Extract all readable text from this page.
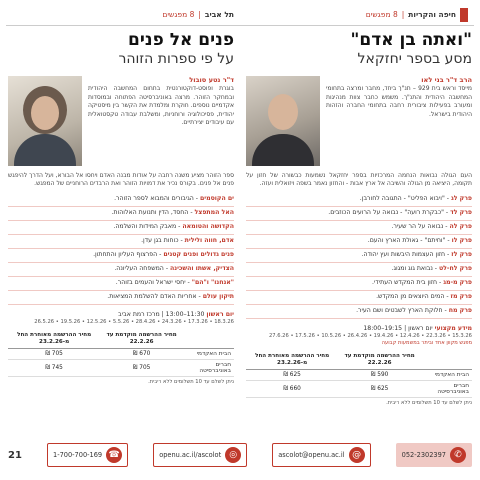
חיפה והקריות
|
8 מפגשים
תל אביב
|
8 מפגשים
"ואתה בן אדם"
מסע בספר יחזקאל
הרב ד"ר בני לאו
מייסד וראש בית 929 – תנ"ך ביחד, מחבר ומרצה בתחומי המחשבה היהודית והתנ"ך. משמש כחבר צוות מנהיגות ומעורב בפעילות ציבורית רחבה בתחומי החברה והזהות היהודית בישראל.
העם הגולה נבואות הנחמה המרכזיות בספר יחזקאל נשמעות כבשורה של חזון על תקומה, היציאה מן הגולה והשיבה אל ארץ אבות - והחזון נאמר בשפה ויזואלית ועזה.
פרק לג - "ויבוא הפליט" - התגובה לחורבן.
פרק לד - "כבקרת רועה" - נבואה על הרועים הכוזבים.
פרק לה - נבואה על הר שעיר.
פרק לו - "וחיתם" - גאולת הארץ והעם.
פרק לז - חזון העצמות היבשות ועץ יהודה.
פרק לח-לט - נבואת גוג ומגוג.
פרק מ-מג - חזון בית המקדש העתידי.
פרק מז - המים היוצאים מן המקדש.
פרק מח - חלוקת הארץ לשבטים ושם העיר.
מידע מקצועי יום ראשון | 19:15–18:00
15.3.26 • 22.3.26 • 12.4.26 • 19.4.26 • 26.4.26 • 10.5.26 • 17.5.26 • 27.6.26
מפגש מקוון אחד וביתר במשמעות קבועה
	מחיר ההרשמה מוקדמת עד 22.2.26	מחיר ההרשמה מאוחרת החל מ-23.2.26
הבית האקדמי	590 ₪	625 ₪
חברים באוניברסיטה	625 ₪	660 ₪
ניתן לשלם עד 10 תשלומים ללא ריבית.
פנים אל פנים
על פי ספרות הזוהר
ד"ר נטע סובול
בוגרת ופוסט-דוקטורנטית בתחום המחשבה היהודית ובמחקר הזוהר. מרצה באוניברסיטה הפתוחה ובמוסדות אקדמיים נוספים. חוקרת ומלמדת את הקשר בין מיסטיקה יהודית, פסיכולוגיה ורוחניות, ומשלבת עבודה טקסטואלית עם עיבודים יצירתיים.
ספר הזוהר מציע משנה רחבה על אודות מבנה האדם ויחסו אל הבורא, ועל הדרך להיפגש פנים אל פנים. בקורס נכיר את דמויות הזוהר ואת הרבדים הרוחניים של המפגש.
ים הקוסמים - הגיבורים והמבוא לספר הזוהר.
האל המתפצל - החסד, הדין ותנועת האלוהות.
הקדושה והטומאה - מאבק המידות והשלמה.
אדם, חווה ולילית - כוחות בגן עדן.
פנים גדולים ופנים קטנים - הפרצוף העליון והתחתון.
הצדיק, אשתו והשכינה - המשפחה העליונה.
"אנחנו" ו"הם" - יחסי ישראל והעמים בזוהר.
תיקון עולם - אחריות האדם להשלמת המציאות.
יום ראשון 11:30–13:00 | מרכז רמת אביב
18.3.26 • 17.3.26 • 24.3.26 • 28.4.26 • 5.5.26 • 12.5.26 • 19.5.26 • 26.5.26
	מחיר ההרשמה מוקדמת עד 22.2.26	מחיר ההרשמה מאוחרת החל מ-23.2.26
הבית האקדמי	670 ₪	705 ₪
חברים באוניברסיטה	705 ₪	745 ₪
ניתן לשלם עד 10 תשלומים ללא ריבית.
✆
052-2302397
@
ascolot@openu.ac.il
◎
openu.ac.il/ascolot
☎
1-700-700-169
21
